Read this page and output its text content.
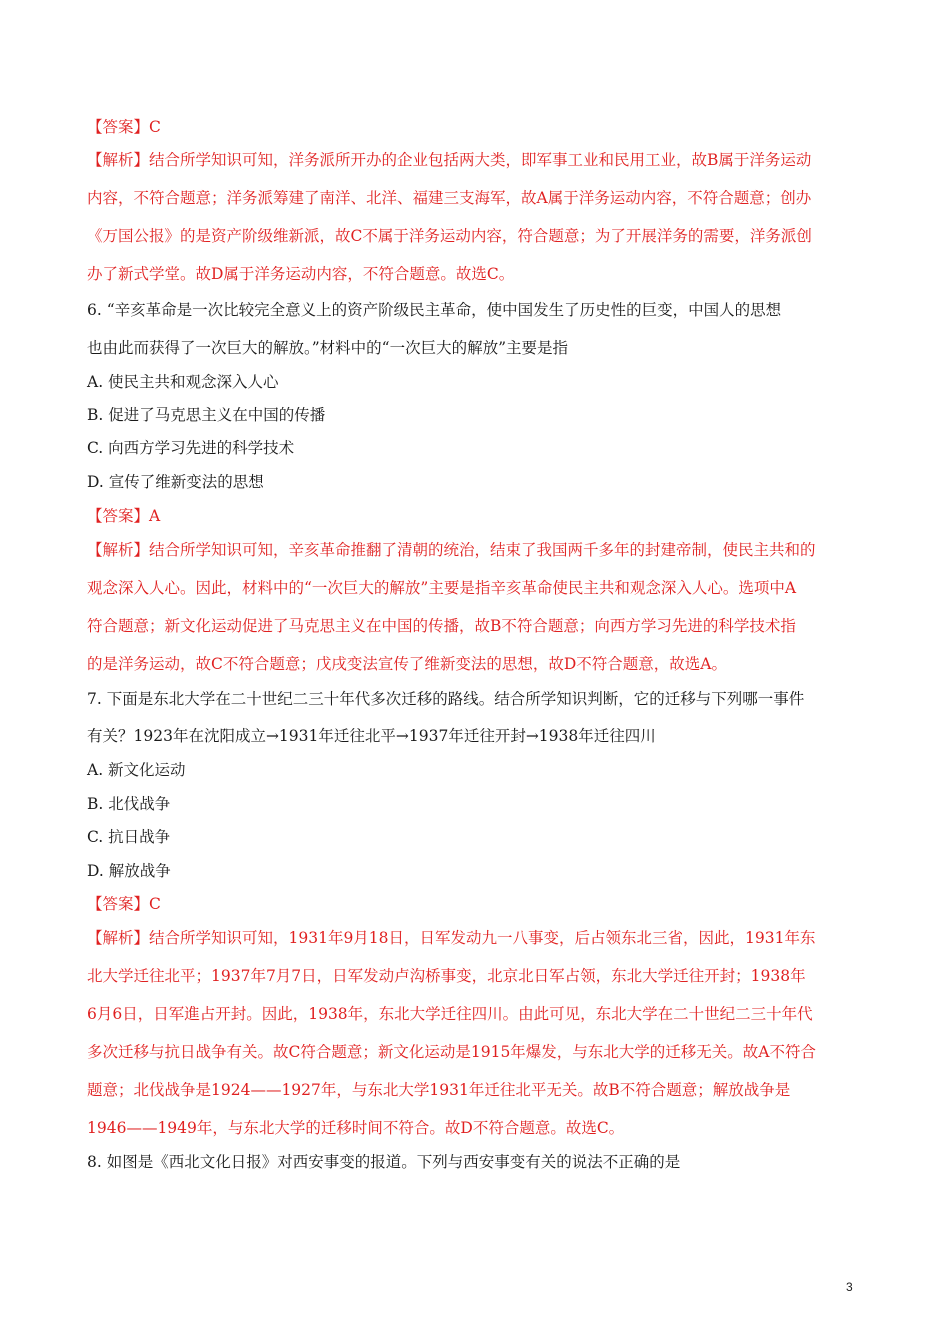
【答案】C
【解析】结合所学知识可知，洋务派所开办的企业包括两大类，即军事工业和民用工业，故B属于洋务运动
内容，不符合题意；洋务派筹建了南洋、北洋、福建三支海军，故A属于洋务运动内容，不符合题意；创办
《万国公报》的是资产阶级维新派，故C不属于洋务运动内容，符合题意；为了开展洋务的需要，洋务派创
办了新式学堂。故D属于洋务运动内容，不符合题意。故选C。
6. “辛亥革命是一次比较完全意义上的资产阶级民主革命，使中国发生了历史性的巨变，中国人的思想
也由此而获得了一次巨大的解放。”材料中的“一次巨大的解放”主要是指
A. 使民主共和观念深入人心
B. 促进了马克思主义在中国的传播
C. 向西方学习先进的科学技术
D. 宣传了维新变法的思想
【答案】A
【解析】结合所学知识可知，辛亥革命推翻了清朝的统治，结束了我国两千多年的封建帝制，使民主共和的
观念深入人心。因此，材料中的“一次巨大的解放”主要是指辛亥革命使民主共和观念深入人心。选项中A
符合题意；新文化运动促进了马克思主义在中国的传播，故B不符合题意；向西方学习先进的科学技术指
的是洋务运动，故C不符合题意；戊戌变法宣传了维新变法的思想，故D不符合题意，故选A。
7. 下面是东北大学在二十世纪二三十年代多次迁移的路线。结合所学知识判断，它的迁移与下列哪一事件
有关？1923年在沈阳成立→1931年迁往北平→1937年迁往开封→1938年迁往四川
A. 新文化运动
B. 北伐战争
C. 抗日战争
D. 解放战争
【答案】C
【解析】结合所学知识可知，1931年9月18日，日军发动九一八事变，后占领东北三省，因此，1931年东
北大学迁往北平；1937年7月7日，日军发动卢沟桥事变，北京北日军占领，东北大学迁往开封；1938年
6月6日，日军進占开封。因此，1938年，东北大学迁往四川。由此可见，东北大学在二十世纪二三十年代
多次迁移与抗日战争有关。故C符合题意；新文化运动是1915年爆发，与东北大学的迁移无关。故A不符合
题意；北伐战争是1924——1927年，与东北大学1931年迁往北平无关。故B不符合题意；解放战争是
1946——1949年，与东北大学的迁移时间不符合。故D不符合题意。故选C。
8. 如图是《西北文化日报》对西安事变的报道。下列与西安事变有关的说法不正确的是
3
